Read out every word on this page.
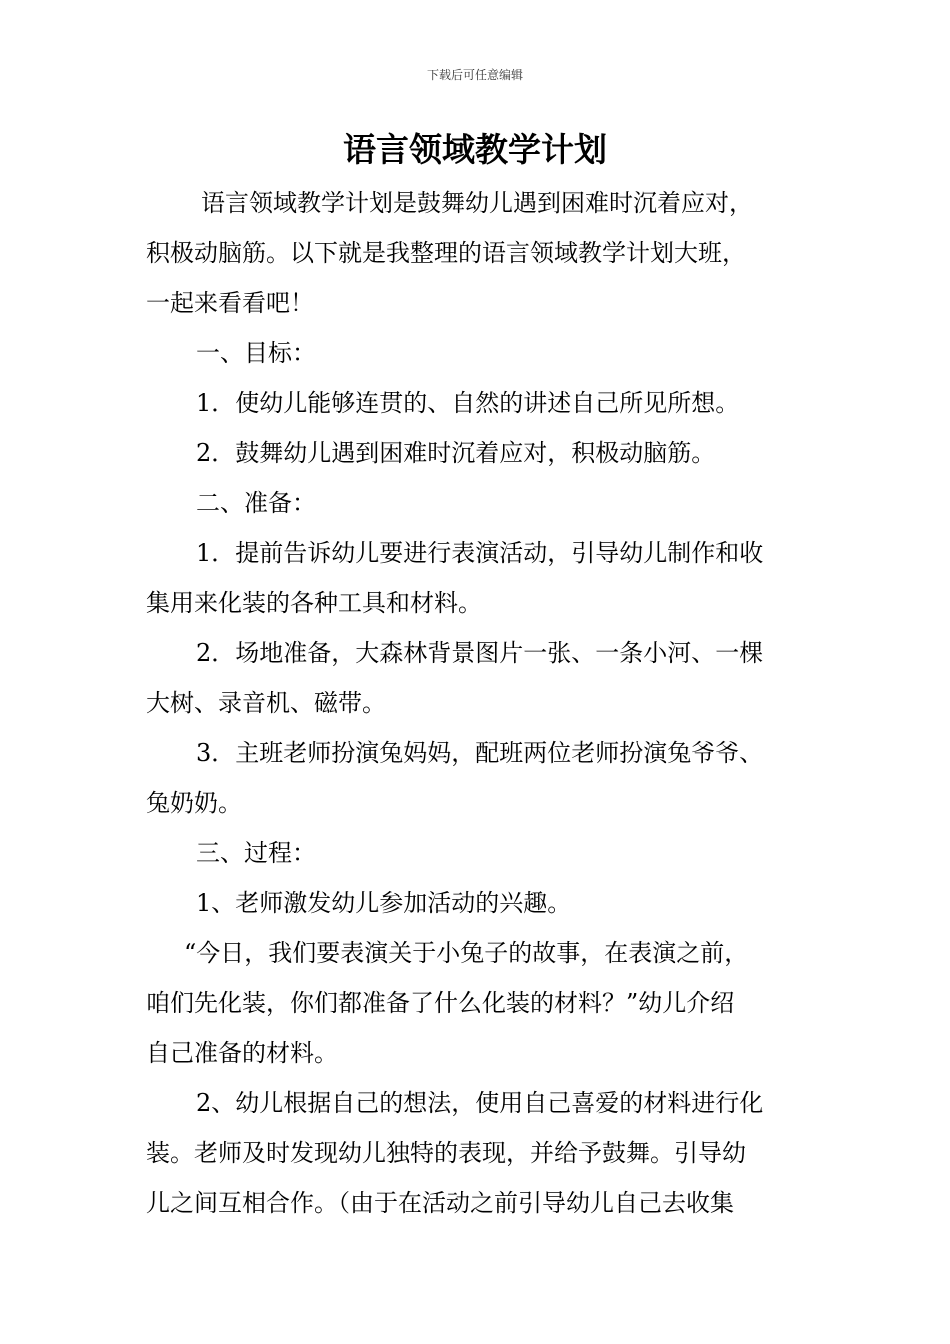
下载后可任意编辑
语言领域教学计划
语言领域教学计划是鼓舞幼儿遇到困难时沉着应对，
积极动脑筋。以下就是我整理的语言领域教学计划大班，
一起来看看吧！
一、目标：
1．使幼儿能够连贯的、自然的讲述自己所见所想。
2．鼓舞幼儿遇到困难时沉着应对，积极动脑筋。
二、准备：
1．提前告诉幼儿要进行表演活动，引导幼儿制作和收
集用来化装的各种工具和材料。
2．场地准备，大森林背景图片一张、一条小河、一棵
大树、录音机、磁带。
3．主班老师扮演兔妈妈，配班两位老师扮演兔爷爷、
兔奶奶。
三、过程：
1、老师激发幼儿参加活动的兴趣。
“今日，我们要表演关于小兔子的故事，在表演之前，
咱们先化装，你们都准备了什么化装的材料？”幼儿介绍
自己准备的材料。
2、幼儿根据自己的想法，使用自己喜爱的材料进行化
装。老师及时发现幼儿独特的表现，并给予鼓舞。引导幼
儿之间互相合作。（由于在活动之前引导幼儿自己去收集
